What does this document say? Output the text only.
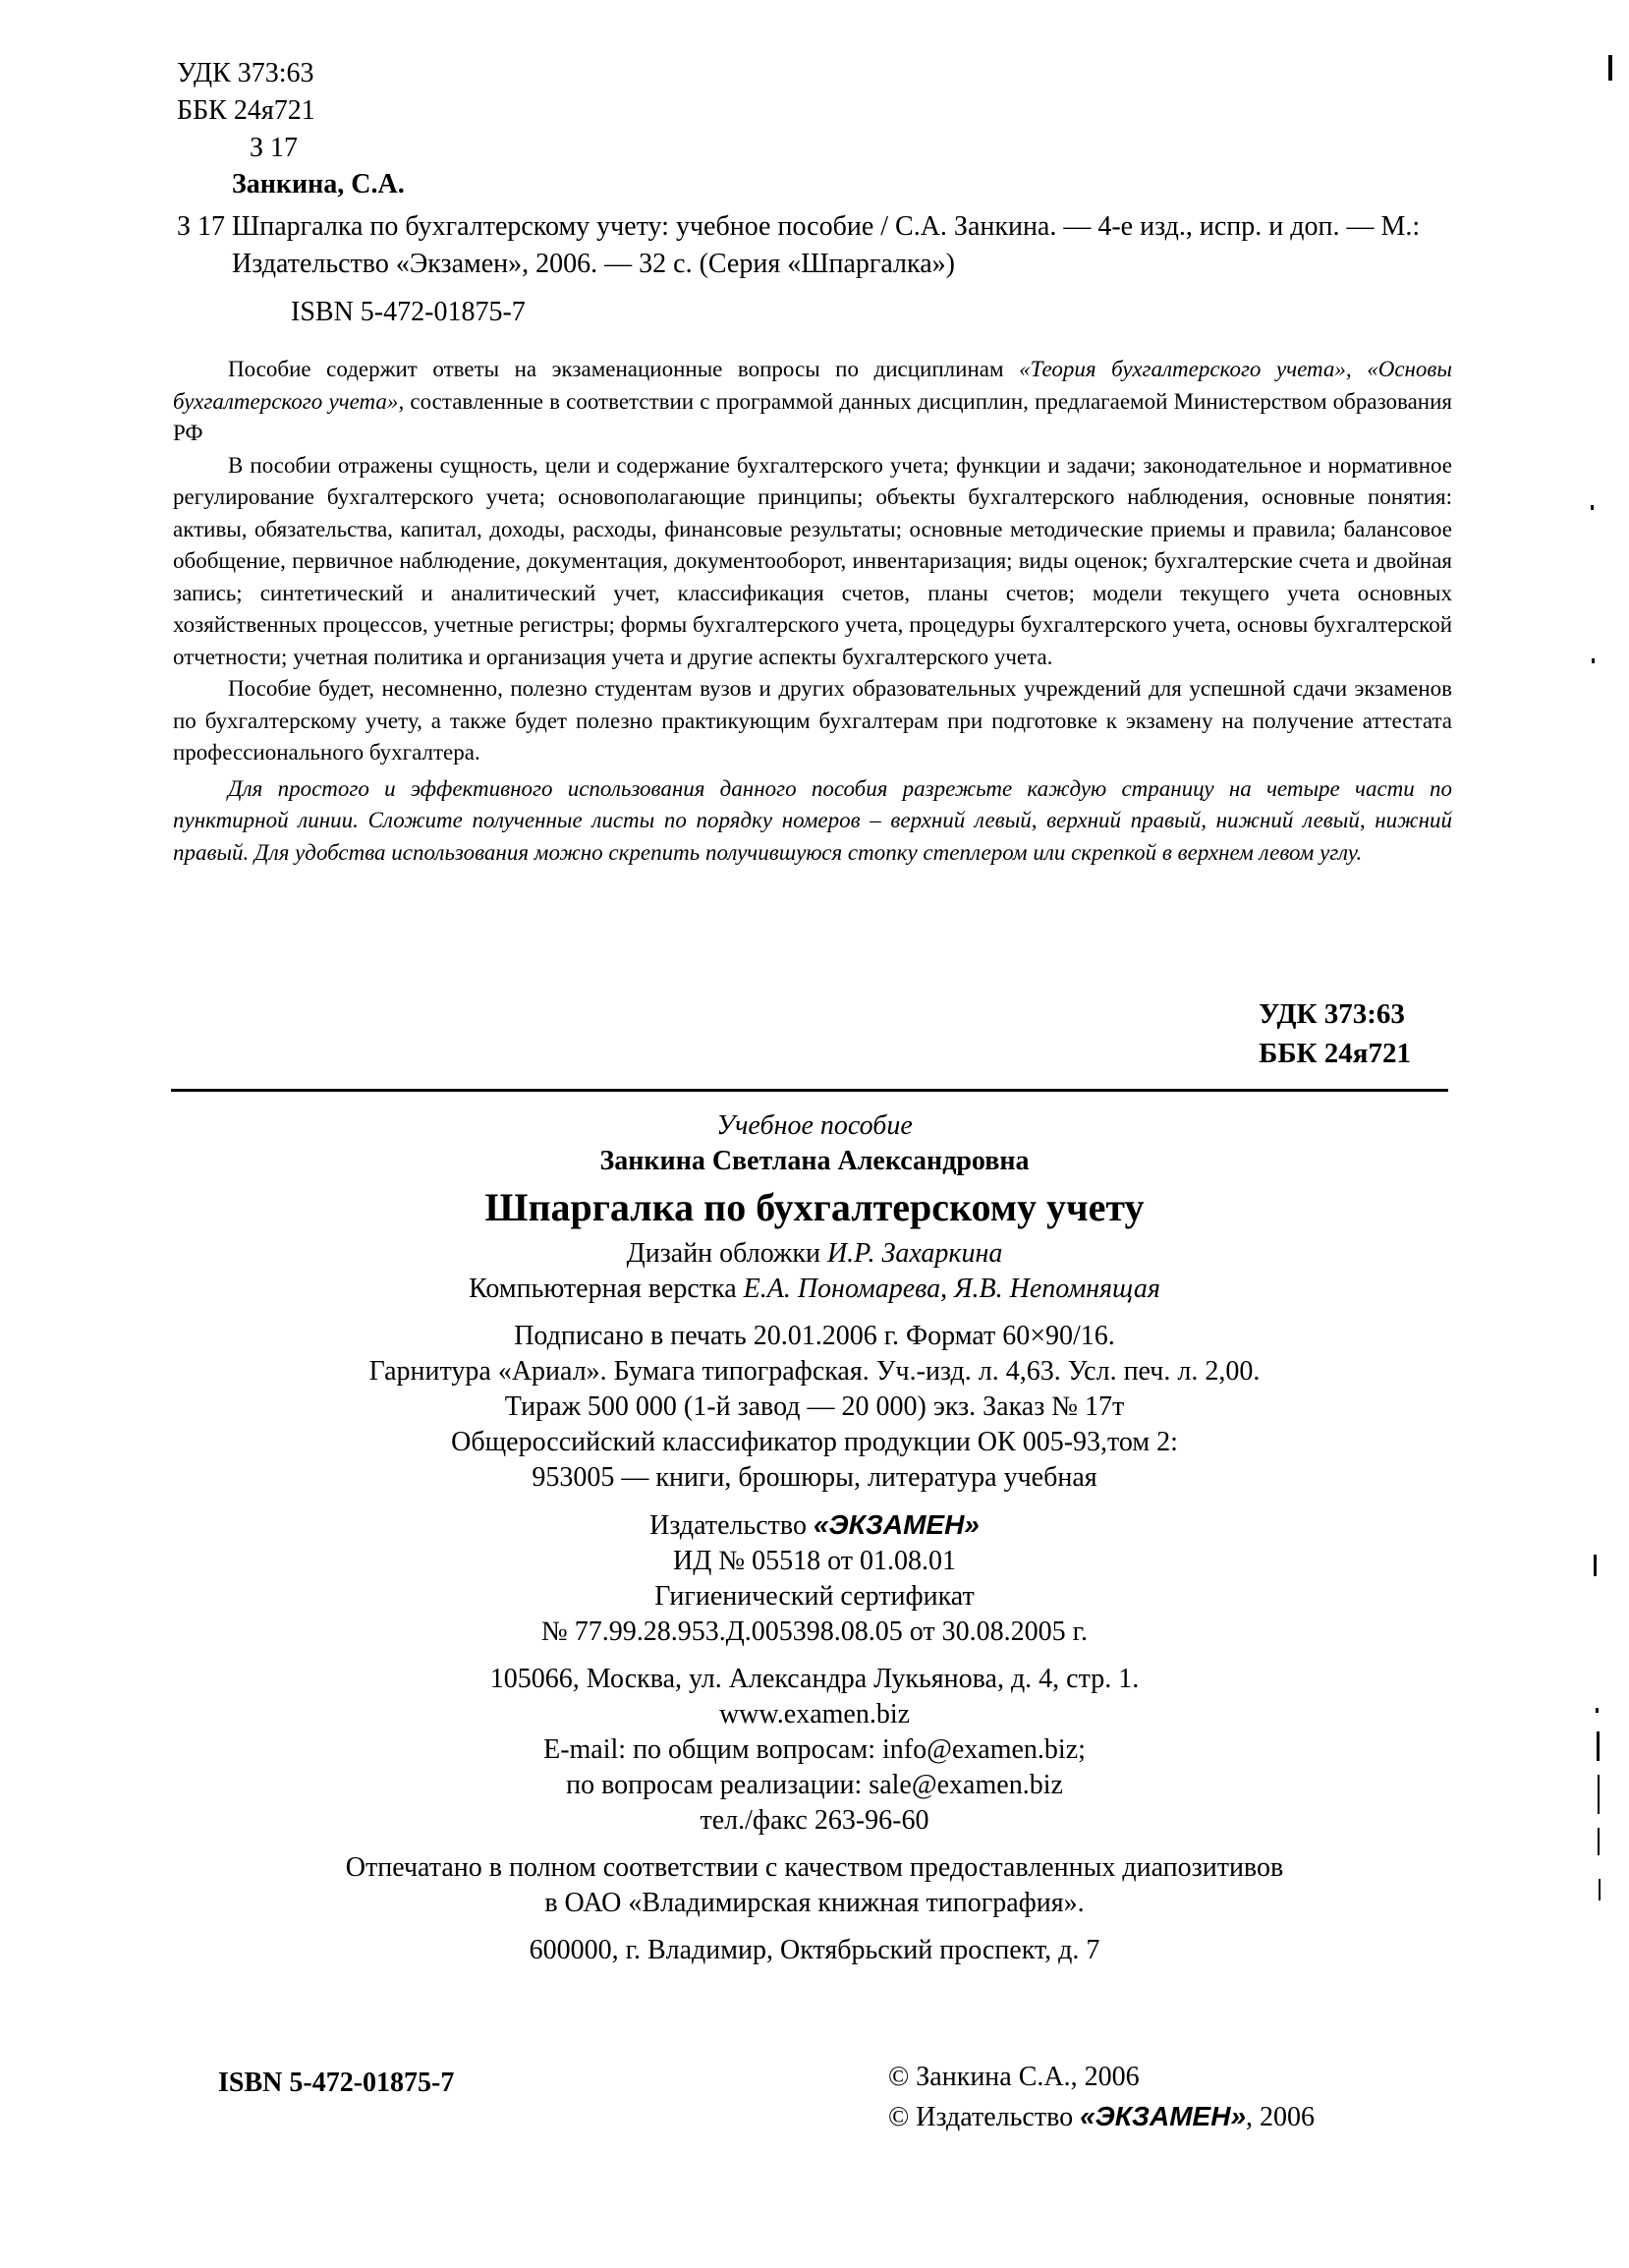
УДК 373:63
ББК 24я721
З 17
Занкина, С.А.
З 17 Шпаргалка по бухгалтерскому учету: учебное пособие / С.А. Занкина. — 4-е изд., испр. и доп. — М.: Издательство «Экзамен», 2006. — 32 с. (Серия «Шпаргалка»)
ISBN 5-472-01875-7

Пособие содержит ответы на экзаменационные вопросы по дисциплинам «Теория бухгалтерского учета», «Основы бухгалтерского учета», составленные в соответствии с программой данных дисциплин, предлагаемой Министерством образования РФ

В пособии отражены сущность, цели и содержание бухгалтерского учета; функции и задачи; законодательное и нормативное регулирование бухгалтерского учета; основополагающие принципы; объекты бухгалтерского наблюдения, основные понятия: активы, обязательства, капитал, доходы, расходы, финансовые результаты; основные методические приемы и правила; балансовое обобщение, первичное наблюдение, документация, документооборот, инвентаризация; виды оценок; бухгалтерские счета и двойная запись; синтетический и аналитический учет, классификация счетов, планы счетов; модели текущего учета основных хозяйственных процессов, учетные регистры; формы бухгалтерского учета, процедуры бухгалтерского учета, основы бухгалтерской отчетности; учетная политика и организация учета и другие аспекты бухгалтерского учета.

Пособие будет, несомненно, полезно студентам вузов и других образовательных учреждений для успешной сдачи экзаменов по бухгалтерскому учету, а также будет полезно практикующим бухгалтерам при подготовке к экзамену на получение аттестата профессионального бухгалтера.

Для простого и эффективного использования данного пособия разрежьте каждую страницу на четыре части по пунктирной линии. Сложите полученные листы по порядку номеров – верхний левый, верхний правый, нижний левый, нижний правый. Для удобства использования можно скрепить получившуюся стопку степлером или скрепкой в верхнем левом углу.

УДК 373:63
ББК 24я721
Учебное пособие
Занкина Светлана Александровна
Шпаргалка по бухгалтерскому учету
Дизайн обложки И.Р. Захаркина
Компьютерная верстка Е.А. Пономарева, Я.В. Непомнящая
Подписано в печать 20.01.2006 г. Формат 60×90/16.
Гарнитура «Ариал». Бумага типографская. Уч.-изд. л. 4,63. Усл. печ. л. 2,00.
Тираж 500 000 (1-й завод — 20 000) экз. Заказ № 17т
Общероссийский классификатор продукции ОК 005-93,том 2:
953005 — книги, брошюры, литература учебная
Издательство «ЭКЗАМЕН»
ИД № 05518 от 01.08.01
Гигиенический сертификат
№ 77.99.28.953.Д.005398.08.05 от 30.08.2005 г.
105066, Москва, ул. Александра Лукьянова, д. 4, стр. 1.
www.examen.biz
E-mail: по общим вопросам: info@examen.biz;
по вопросам реализации: sale@examen.biz
тел./факс 263-96-60
Отпечатано в полном соответствии с качеством предоставленных диапозитивов
в ОАО «Владимирская книжная типография».
600000, г. Владимир, Октябрьский проспект, д. 7
ISBN 5-472-01875-7	© Занкина С.А., 2006
© Издательство «ЭКЗАМЕН», 2006
